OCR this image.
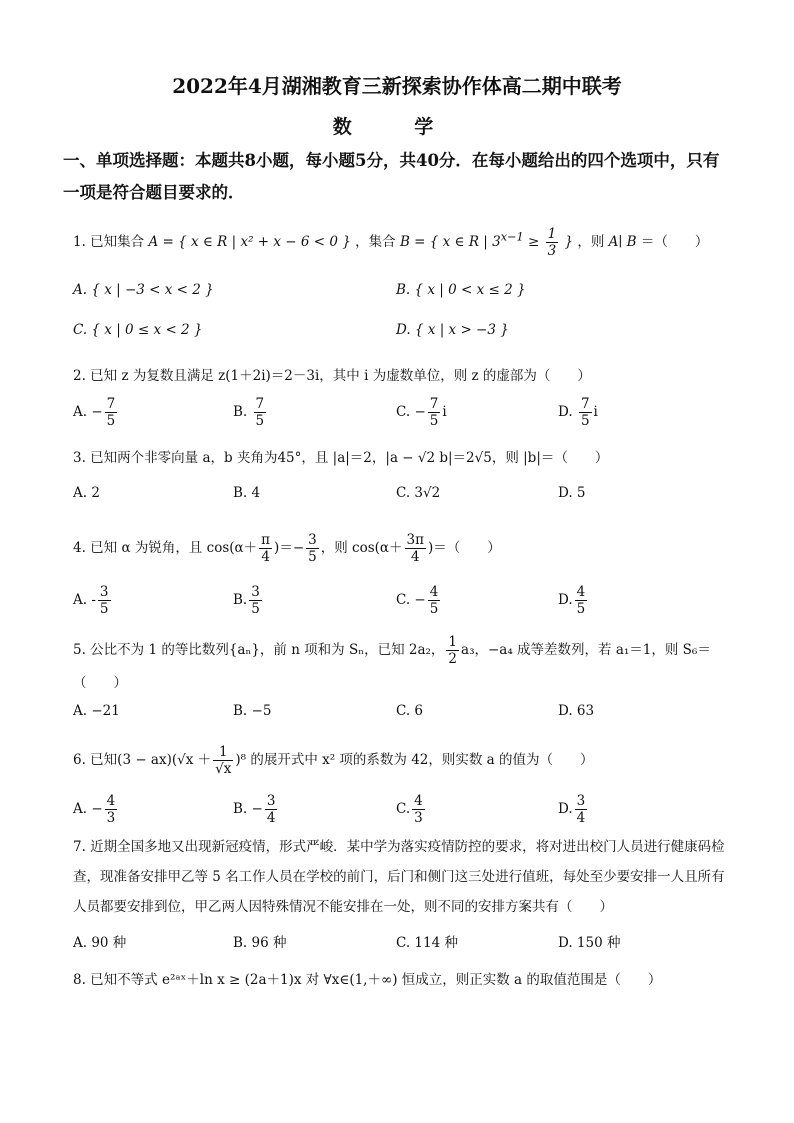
2022年4月湖湘教育三新探索协作体高二期中联考
数 学
一、单项选择题：本题共8小题，每小题5分，共40分．在每小题给出的四个选项中，只有一项是符合题目要求的．
1. 已知集合 A = { x ∈ R | x² + x − 6 < 0 } ，集合 B = { x ∈ R | $3^{x-1} \ge \frac{1}{3}$ } ，则 A∣ B ＝（　　）
A. { x | −3 < x < 2 }	B. { x | 0 < x ≤ 2 }
C. { x | 0 ≤ x < 2 }	D. { x | x > −3 }
2. 已知 z 为复数且满足 z(1＋2i)＝2－3i，其中 i 为虚数单位，则 z 的虚部为（　　）
A. − $\frac{7}{5}$	B. $\frac{7}{5}$	C. − $\frac{7}{5}$ i	D. $\frac{7}{5}$ i
3. 已知两个非零向量 a，b 夹角为45°，且 |a|＝2，|a − √2 b|＝2√5，则 |b|＝（　　）
A. 2	B. 4	C. 3√2	D. 5
4. 已知 α 为锐角，且 $\cos(\alpha+ \frac{\pi}{4}$ )＝− $\frac{3}{5}$ ，则 $\cos(\alpha+ \frac{3\pi}{4}$ )＝（　　）
A. - $\frac{3}{5}$	B. $\frac{3}{5}$	C. − $\frac{4}{5}$	D. $\frac{4}{5}$
5. 公比不为 1 的等比数列{aₙ}，前 n 项和为 Sₙ，已知 2a₂， $\frac{1}{2} a_3$，−a₄ 成等差数列，若 a₁＝1，则 S₆＝
（　　）
A. −21	B. −5	C. 6	D. 63
6. 已知$(3 - ax)(√x + \frac{1}{√x} )^8$ 的展开式中 x² 项的系数为 42，则实数 a 的值为（　　）
A. − $\frac{4}{3}$	B. − $\frac{3}{4}$	C. $\frac{4}{3}$	D. $\frac{3}{4}$
7. 近期全国多地又出现新冠疫情，形式严峻．某中学为落实疫情防控的要求，将对进出校门人员进行健康码检查，现准备安排甲乙等 5 名工作人员在学校的前门，后门和侧门这三处进行值班，每处至少要安排一人且所有人员都要安排到位，甲乙两人因特殊情况不能安排在一处，则不同的安排方案共有（　　）
A. 90 种	B. 96 种	C. 114 种	D. 150 种
8. 已知不等式 e²ᵃˣ＋ln x ≥ (2a＋1)x 对 ∀x∈(1,＋∞) 恒成立，则正实数 a 的取值范围是（　　）
